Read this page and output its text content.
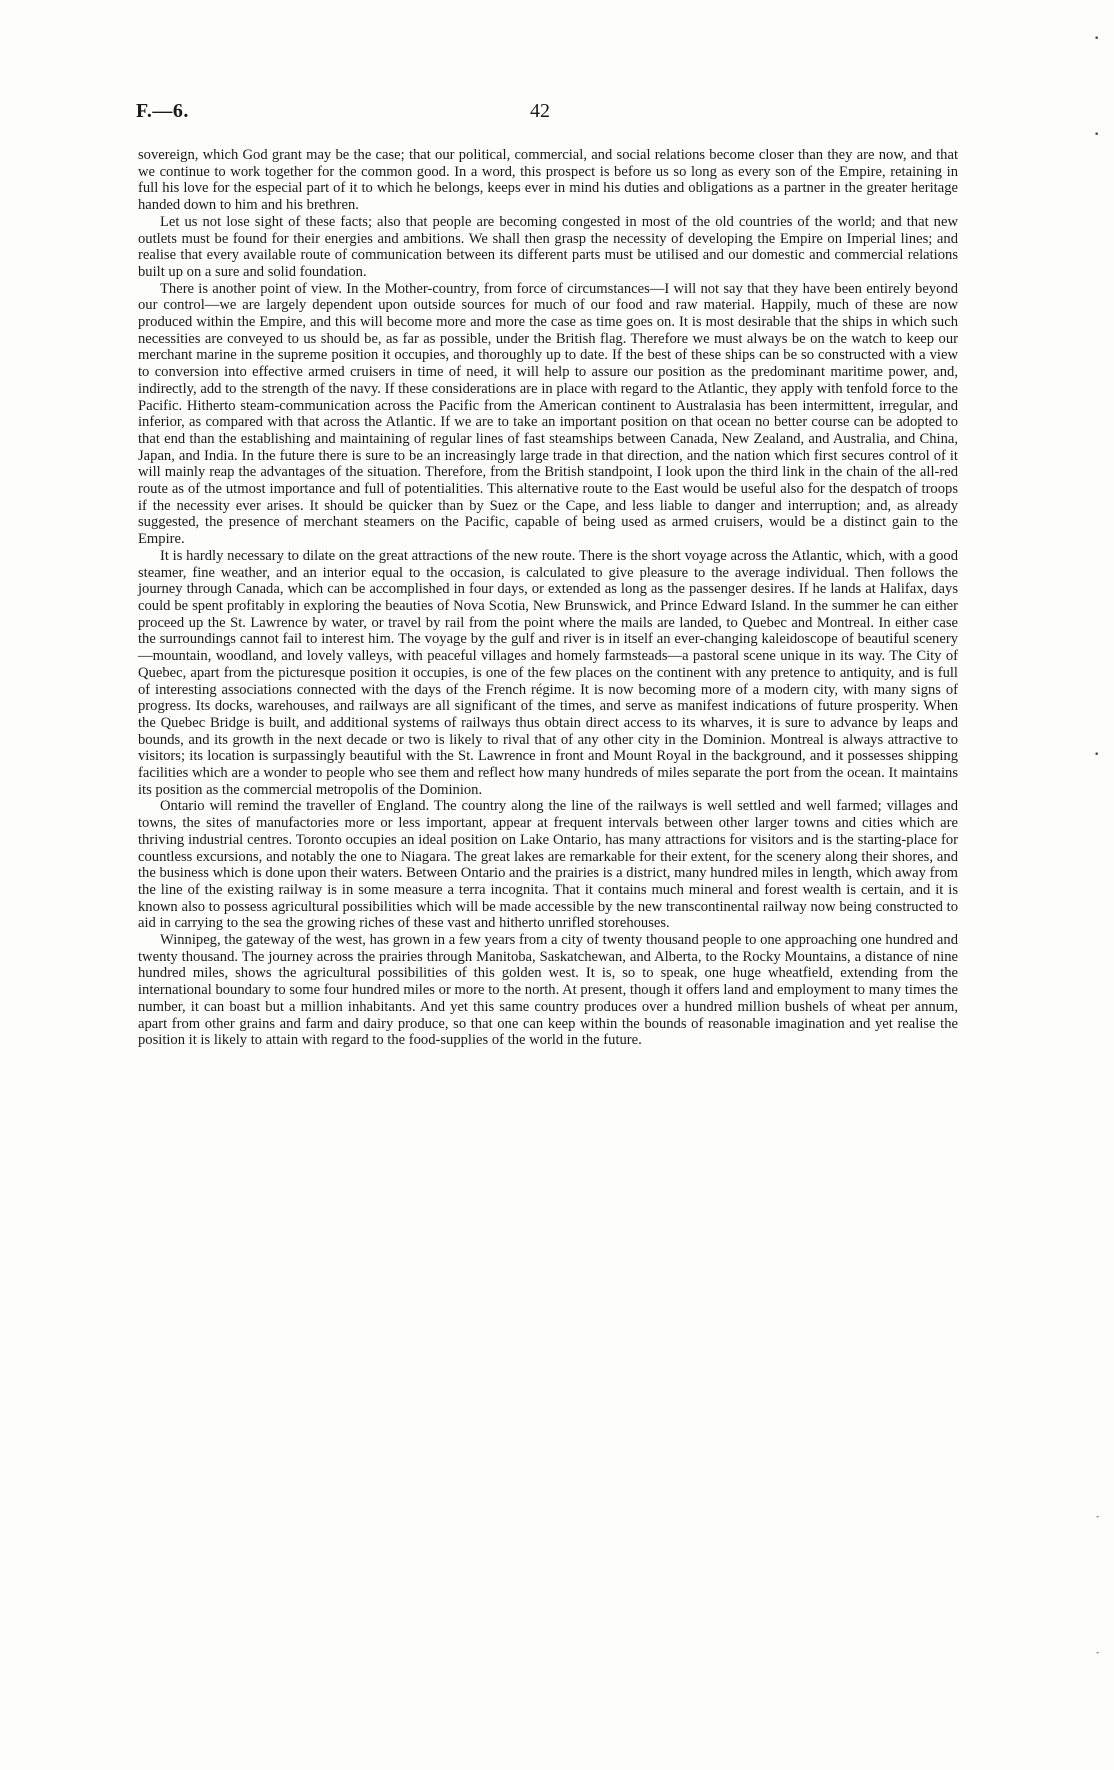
F.—6.	42

sovereign, which God grant may be the case; that our political, commercial, and social relations become closer than they are now, and that we continue to work together for the common good. In a word, this prospect is before us so long as every son of the Empire, retaining in full his love for the especial part of it to which he belongs, keeps ever in mind his duties and obligations as a partner in the greater heritage handed down to him and his brethren.

Let us not lose sight of these facts; also that people are becoming congested in most of the old countries of the world; and that new outlets must be found for their energies and ambitions. We shall then grasp the necessity of developing the Empire on Imperial lines; and realise that every available route of communication between its different parts must be utilised and our domestic and commercial relations built up on a sure and solid foundation.

There is another point of view. In the Mother-country, from force of circumstances—I will not say that they have been entirely beyond our control—we are largely dependent upon outside sources for much of our food and raw material. Happily, much of these are now produced within the Empire, and this will become more and more the case as time goes on. It is most desirable that the ships in which such necessities are conveyed to us should be, as far as possible, under the British flag. Therefore we must always be on the watch to keep our merchant marine in the supreme position it occupies, and thoroughly up to date. If the best of these ships can be so constructed with a view to conversion into effective armed cruisers in time of need, it will help to assure our position as the predominant maritime power, and, indirectly, add to the strength of the navy. If these considerations are in place with regard to the Atlantic, they apply with tenfold force to the Pacific. Hitherto steam-communication across the Pacific from the American continent to Australasia has been intermittent, irregular, and inferior, as compared with that across the Atlantic. If we are to take an important position on that ocean no better course can be adopted to that end than the establishing and maintaining of regular lines of fast steamships between Canada, New Zealand, and Australia, and China, Japan, and India. In the future there is sure to be an increasingly large trade in that direction, and the nation which first secures control of it will mainly reap the advantages of the situation. Therefore, from the British standpoint, I look upon the third link in the chain of the all-red route as of the utmost importance and full of potentialities. This alternative route to the East would be useful also for the despatch of troops if the necessity ever arises. It should be quicker than by Suez or the Cape, and less liable to danger and interruption; and, as already suggested, the presence of merchant steamers on the Pacific, capable of being used as armed cruisers, would be a distinct gain to the Empire.

It is hardly necessary to dilate on the great attractions of the new route. There is the short voyage across the Atlantic, which, with a good steamer, fine weather, and an interior equal to the occasion, is calculated to give pleasure to the average individual. Then follows the journey through Canada, which can be accomplished in four days, or extended as long as the passenger desires. If he lands at Halifax, days could be spent profitably in exploring the beauties of Nova Scotia, New Brunswick, and Prince Edward Island. In the summer he can either proceed up the St. Lawrence by water, or travel by rail from the point where the mails are landed, to Quebec and Montreal. In either case the surroundings cannot fail to interest him. The voyage by the gulf and river is in itself an ever-changing kaleidoscope of beautiful scenery—mountain, woodland, and lovely valleys, with peaceful villages and homely farmsteads—a pastoral scene unique in its way. The City of Quebec, apart from the picturesque position it occupies, is one of the few places on the continent with any pretence to antiquity, and is full of interesting associations connected with the days of the French régime. It is now becoming more of a modern city, with many signs of progress. Its docks, warehouses, and railways are all significant of the times, and serve as manifest indications of future prosperity. When the Quebec Bridge is built, and additional systems of railways thus obtain direct access to its wharves, it is sure to advance by leaps and bounds, and its growth in the next decade or two is likely to rival that of any other city in the Dominion. Montreal is always attractive to visitors; its location is surpassingly beautiful with the St. Lawrence in front and Mount Royal in the background, and it possesses shipping facilities which are a wonder to people who see them and reflect how many hundreds of miles separate the port from the ocean. It maintains its position as the commercial metropolis of the Dominion.

Ontario will remind the traveller of England. The country along the line of the railways is well settled and well farmed; villages and towns, the sites of manufactories more or less important, appear at frequent intervals between other larger towns and cities which are thriving industrial centres. Toronto occupies an ideal position on Lake Ontario, has many attractions for visitors and is the starting-place for countless excursions, and notably the one to Niagara. The great lakes are remarkable for their extent, for the scenery along their shores, and the business which is done upon their waters. Between Ontario and the prairies is a district, many hundred miles in length, which away from the line of the existing railway is in some measure a terra incognita. That it contains much mineral and forest wealth is certain, and it is known also to possess agricultural possibilities which will be made accessible by the new transcontinental railway now being constructed to aid in carrying to the sea the growing riches of these vast and hitherto unrifled storehouses.

Winnipeg, the gateway of the west, has grown in a few years from a city of twenty thousand people to one approaching one hundred and twenty thousand. The journey across the prairies through Manitoba, Saskatchewan, and Alberta, to the Rocky Mountains, a distance of nine hundred miles, shows the agricultural possibilities of this golden west. It is, so to speak, one huge wheatfield, extending from the international boundary to some four hundred miles or more to the north. At present, though it offers land and employment to many times the number, it can boast but a million inhabitants. And yet this same country produces over a hundred million bushels of wheat per annum, apart from other grains and farm and dairy produce, so that one can keep within the bounds of reasonable imagination and yet realise the position it is likely to attain with regard to the food-supplies of the world in the future.

•
•
•
-
-
